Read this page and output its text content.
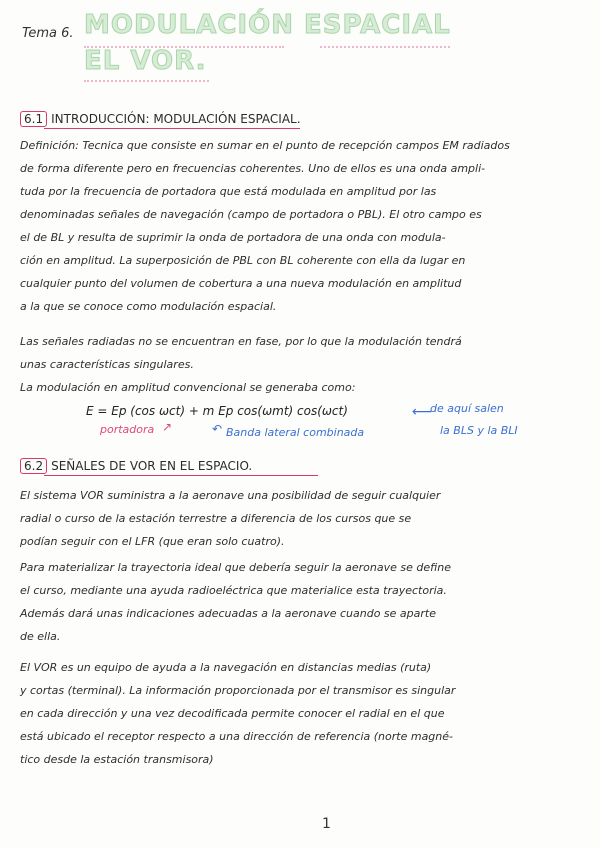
Tema 6. MODULACIÓN ESPACIAL
EL VOR.
6.1 INTRODUCCIÓN: MODULACIÓN ESPACIAL.
Definición: Tecnica que consiste en sumar en el punto de recepción campos EM radiados
de forma diferente pero en frecuencias coherentes. Uno de ellos es una onda ampli-
tuda por la frecuencia de portadora que está modulada en amplitud por las
denominadas señales de navegación (campo de portadora o PBL). El otro campo es
el de BL y resulta de suprimir la onda de portadora de una onda con modula-
ción en amplitud. La superposición de PBL con BL coherente con ella da lugar en
cualquier punto del volumen de cobertura a una nueva modulación en amplitud
a la que se conoce como modulación espacial.
Las señales radiadas no se encuentran en fase, por lo que la modulación tendrá
unas características singulares.
La modulación en amplitud convencional se generaba como:
E = Ep (cos ωct) + m Ep cos(ωmt) cos(ωct)
portadora ↗	↶ Banda lateral combinada
⟵
de aquí salen
la BLS y la BLI
6.2 SEÑALES DE VOR EN EL ESPACIO.
El sistema VOR suministra a la aeronave una posibilidad de seguir cualquier
radial o curso de la estación terrestre a diferencia de los cursos que se
podían seguir con el LFR (que eran solo cuatro).
Para materializar la trayectoria ideal que debería seguir la aeronave se define
el curso, mediante una ayuda radioeléctrica que materialice esta trayectoria.
Además dará unas indicaciones adecuadas a la aeronave cuando se aparte
de ella.
El VOR es un equipo de ayuda a la navegación en distancias medias (ruta)
y cortas (terminal). La información proporcionada por el transmisor es singular
en cada dirección y una vez decodificada permite conocer el radial en el que
está ubicado el receptor respecto a una dirección de referencia (norte magné-
tico desde la estación transmisora)
1
